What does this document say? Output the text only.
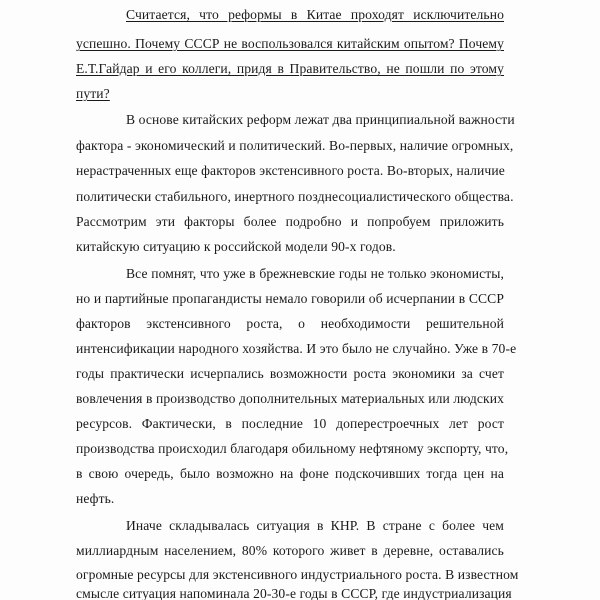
Считается, что реформы в Китае проходят исключительно
успешно. Почему СССР не воспользовался китайским опытом? Почему
Е.Т.Гайдар и его коллеги, придя в Правительство, не пошли по этому
пути?
В основе китайских реформ лежат два принципиальной важности
фактора - экономический и политический. Во-первых, наличие огромных,
нерастраченных еще факторов экстенсивного роста. Во-вторых, наличие
политически стабильного, инертного позднесоциалистического общества.
Рассмотрим эти факторы более подробно и попробуем приложить
китайскую ситуацию к российской модели 90-х годов.
Все помнят, что уже в брежневские годы не только экономисты,
но и партийные пропагандисты немало говорили об исчерпании в СССР
факторов экстенсивного роста, о необходимости решительной
интенсификации народного хозяйства. И это было не случайно. Уже в 70-е
годы практически исчерпались возможности роста экономики за счет
вовлечения в производство дополнительных материальных или людских
ресурсов. Фактически, в последние 10 доперестроечных лет рост
производства происходил благодаря обильному нефтяному экспорту, что,
в свою очередь, было возможно на фоне подскочивших тогда цен на
нефть.
Иначе складывалась ситуация в КНР. В стране с более чем
миллиардным населением, 80% которого живет в деревне, оставались
огромные ресурсы для экстенсивного индустриального роста. В известном
смысле ситуация напоминала 20-30-е годы в СССР, где индустриализация
